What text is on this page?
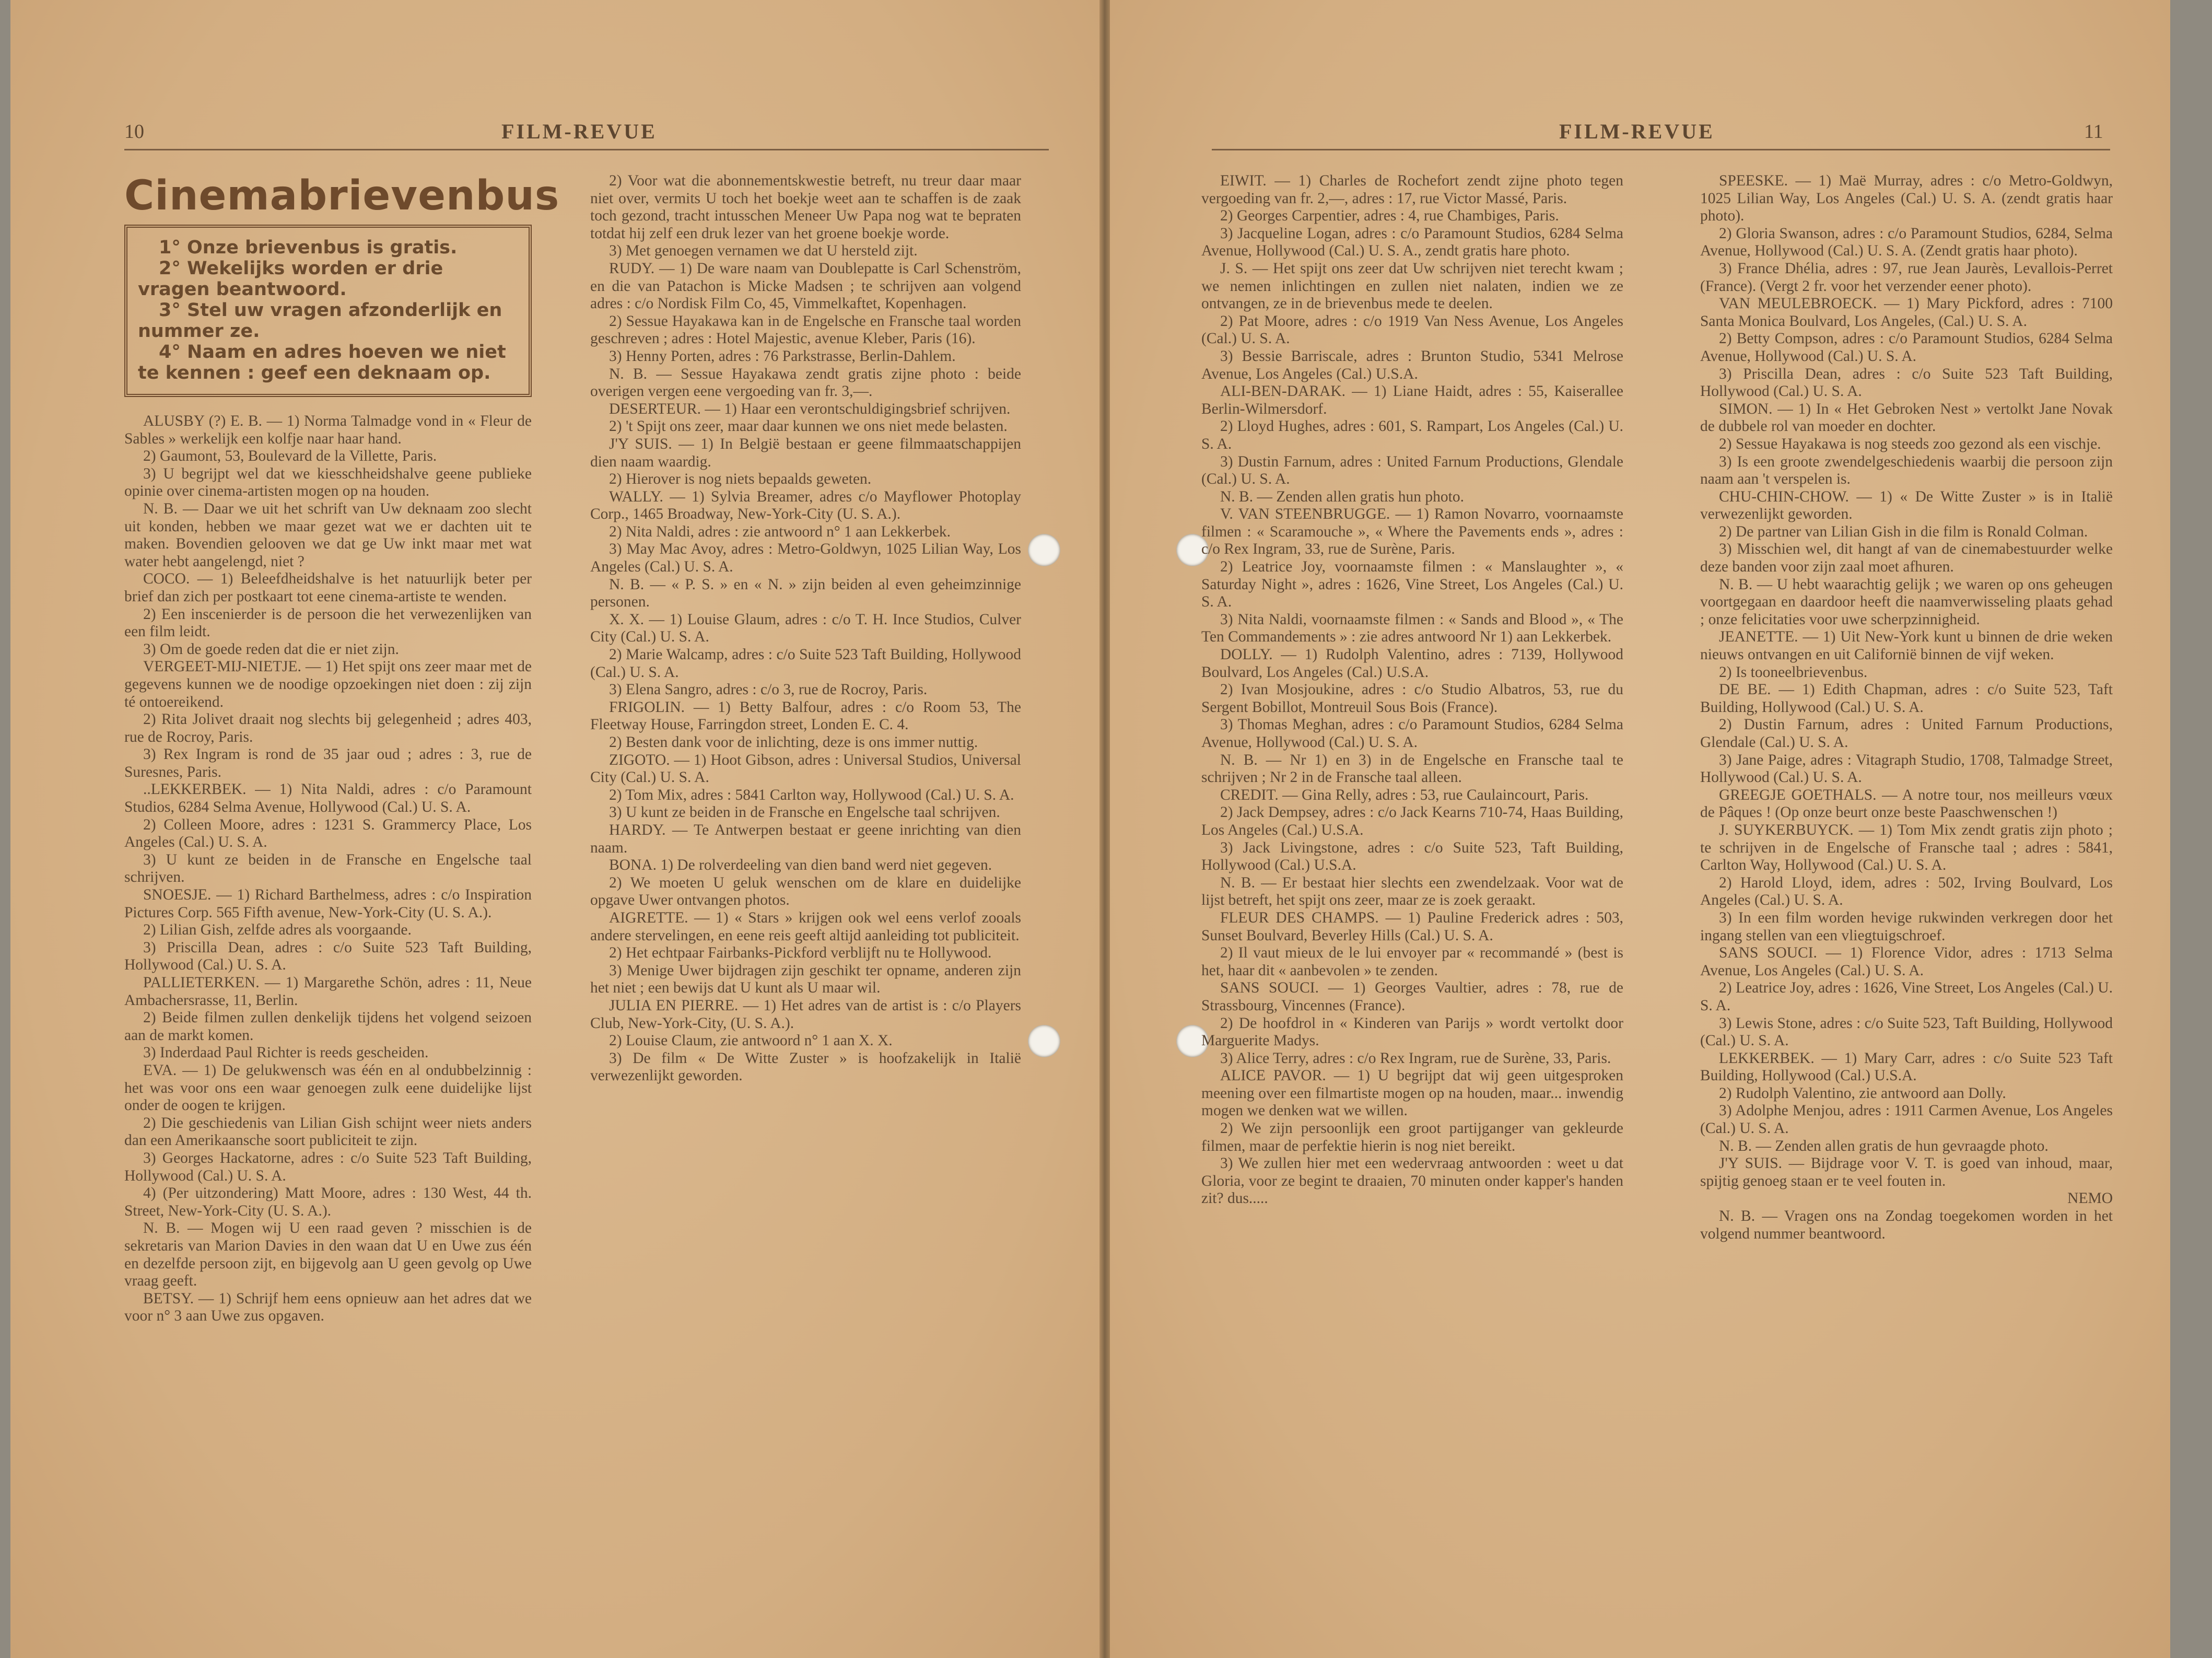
10	FILM-REVUE	11
FILM-REVUE
Cinemabrievenbus

1° Onze brievenbus is gratis.

2° Wekelijks worden er drie vragen beantwoord.

3° Stel uw vragen afzonderlijk en nummer ze.

4° Naam en adres hoeven we niet te kennen : geef een deknaam op.

ALUSBY (?) E. B. — 1) Norma Talmadge vond in « Fleur de Sables » werkelijk een kolfje naar haar hand.

2) Gaumont, 53, Boulevard de la Villette, Paris.

3) U begrijpt wel dat we kiesschheidshalve geene publieke opinie over cinema-artisten mogen op na houden.

N. B. — Daar we uit het schrift van Uw deknaam zoo slecht uit konden, hebben we maar gezet wat we er dachten uit te maken. Bovendien gelooven we dat ge Uw inkt maar met wat water hebt aangelengd, niet ?

COCO. — 1) Beleefdheidshalve is het natuurlijk beter per brief dan zich per postkaart tot eene cinema-artiste te wenden.

2) Een inscenierder is de persoon die het verwezenlijken van een film leidt.

3) Om de goede reden dat die er niet zijn.

VERGEET-MIJ-NIETJE. — 1) Het spijt ons zeer maar met de gegevens kunnen we de noodige opzoekingen niet doen : zij zijn té ontoereikend.

2) Rita Jolivet draait nog slechts bij gelegenheid ; adres 403, rue de Rocroy, Paris.

3) Rex Ingram is rond de 35 jaar oud ; adres : 3, rue de Suresnes, Paris.

..LEKKERBEK. — 1) Nita Naldi, adres : c/o Paramount Studios, 6284 Selma Avenue, Hollywood (Cal.) U. S. A.

2) Colleen Moore, adres : 1231 S. Grammercy Place, Los Angeles (Cal.) U. S. A.

3) U kunt ze beiden in de Fransche en Engelsche taal schrijven.

SNOESJE. — 1) Richard Barthelmess, adres : c/o Inspiration Pictures Corp. 565 Fifth avenue, New-York-City (U. S. A.).

2) Lilian Gish, zelfde adres als voorgaande.

3) Priscilla Dean, adres : c/o Suite 523 Taft Building, Hollywood (Cal.) U. S. A.

PALLIETERKEN. — 1) Margarethe Schön, adres : 11, Neue Ambachersrasse, 11, Berlin.

2) Beide filmen zullen denkelijk tijdens het volgend seizoen aan de markt komen.

3) Inderdaad Paul Richter is reeds gescheiden.

EVA. — 1) De gelukwensch was één en al ondubbelzinnig : het was voor ons een waar genoegen zulk eene duidelijke lijst onder de oogen te krijgen.

2) Die geschiedenis van Lilian Gish schijnt weer niets anders dan een Amerikaansche soort publiciteit te zijn.

3) Georges Hackatorne, adres : c/o Suite 523 Taft Building, Hollywood (Cal.) U. S. A.

4) (Per uitzondering) Matt Moore, adres : 130 West, 44 th. Street, New-York-City (U. S. A.).

N. B. — Mogen wij U een raad geven ? misschien is de sekretaris van Marion Davies in den waan dat U en Uwe zus één en dezelfde persoon zijt, en bijgevolg aan U geen gevolg op Uwe vraag geeft.

BETSY. — 1) Schrijf hem eens opnieuw aan het adres dat we voor n° 3 aan Uwe zus opgaven.

2) Voor wat die abonnementskwestie betreft, nu treur daar maar niet over, vermits U toch het boekje weet aan te schaffen is de zaak toch gezond, tracht intusschen Meneer Uw Papa nog wat te bepraten totdat hij zelf een druk lezer van het groene boekje worde.

3) Met genoegen vernamen we dat U hersteld zijt.

RUDY. — 1) De ware naam van Doublepatte is Carl Schenström, en die van Patachon is Micke Madsen ; te schrijven aan volgend adres : c/o Nordisk Film Co, 45, Vimmelkaftet, Kopenhagen.

2) Sessue Hayakawa kan in de Engelsche en Fransche taal worden geschreven ; adres : Hotel Majestic, avenue Kleber, Paris (16).

3) Henny Porten, adres : 76 Parkstrasse, Berlin-Dahlem.

N. B. — Sessue Hayakawa zendt gratis zijne photo : beide overigen vergen eene vergoeding van fr. 3,—.

DESERTEUR. — 1) Haar een verontschuldigingsbrief schrijven.

2) 't Spijt ons zeer, maar daar kunnen we ons niet mede belasten.

J'Y SUIS. — 1) In België bestaan er geene filmmaatschappijen dien naam waardig.

2) Hierover is nog niets bepaalds geweten.

WALLY. — 1) Sylvia Breamer, adres c/o Mayflower Photoplay Corp., 1465 Broadway, New-York-City (U. S. A.).

2) Nita Naldi, adres : zie antwoord n° 1 aan Lekkerbek.

3) May Mac Avoy, adres : Metro-Goldwyn, 1025 Lilian Way, Los Angeles (Cal.) U. S. A.

N. B. — « P. S. » en « N. » zijn beiden al even geheimzinnige personen.

X. X. — 1) Louise Glaum, adres : c/o T. H. Ince Studios, Culver City (Cal.) U. S. A.

2) Marie Walcamp, adres : c/o Suite 523 Taft Building, Hollywood (Cal.) U. S. A.

3) Elena Sangro, adres : c/o 3, rue de Rocroy, Paris.

FRIGOLIN. — 1) Betty Balfour, adres : c/o Room 53, The Fleetway House, Farringdon street, Londen E. C. 4.

2) Besten dank voor de inlichting, deze is ons immer nuttig.

ZIGOTO. — 1) Hoot Gibson, adres : Universal Studios, Universal City (Cal.) U. S. A.

2) Tom Mix, adres : 5841 Carlton way, Hollywood (Cal.) U. S. A.

3) U kunt ze beiden in de Fransche en Engelsche taal schrijven.

HARDY. — Te Antwerpen bestaat er geene inrichting van dien naam.

BONA. 1) De rolverdeeling van dien band werd niet gegeven.

2) We moeten U geluk wenschen om de klare en duidelijke opgave Uwer ontvangen photos.

AIGRETTE. — 1) « Stars » krijgen ook wel eens verlof zooals andere stervelingen, en eene reis geeft altijd aanleiding tot publiciteit.

2) Het echtpaar Fairbanks-Pickford verblijft nu te Hollywood.

3) Menige Uwer bijdragen zijn geschikt ter opname, anderen zijn het niet ; een bewijs dat U kunt als U maar wil.

JULIA EN PIERRE. — 1) Het adres van de artist is : c/o Players Club, New-York-City, (U. S. A.).

2) Louise Claum, zie antwoord n° 1 aan X. X.

3) De film « De Witte Zuster » is hoofzakelijk in Italië verwezenlijkt geworden.

EIWIT. — 1) Charles de Rochefort zendt zijne photo tegen vergoeding van fr. 2,—, adres : 17, rue Victor Massé, Paris.

2) Georges Carpentier, adres : 4, rue Chambiges, Paris.

3) Jacqueline Logan, adres : c/o Paramount Studios, 6284 Selma Avenue, Hollywood (Cal.) U. S. A., zendt gratis hare photo.

J. S. — Het spijt ons zeer dat Uw schrijven niet terecht kwam ; we nemen inlichtingen en zullen niet nalaten, indien we ze ontvangen, ze in de brievenbus mede te deelen.

2) Pat Moore, adres : c/o 1919 Van Ness Avenue, Los Angeles (Cal.) U. S. A.

3) Bessie Barriscale, adres : Brunton Studio, 5341 Melrose Avenue, Los Angeles (Cal.) U.S.A.

ALI-BEN-DARAK. — 1) Liane Haidt, adres : 55, Kaiserallee Berlin-Wilmersdorf.

2) Lloyd Hughes, adres : 601, S. Rampart, Los Angeles (Cal.) U. S. A.

3) Dustin Farnum, adres : United Farnum Productions, Glendale (Cal.) U. S. A.

N. B. — Zenden allen gratis hun photo.

V. VAN STEENBRUGGE. — 1) Ramon Novarro, voornaamste filmen : « Scaramouche », « Where the Pavements ends », adres : c/o Rex Ingram, 33, rue de Surène, Paris.

2) Leatrice Joy, voornaamste filmen : « Manslaughter », « Saturday Night », adres : 1626, Vine Street, Los Angeles (Cal.) U. S. A.

3) Nita Naldi, voornaamste filmen : « Sands and Blood », « The Ten Commandements » : zie adres antwoord Nr 1) aan Lekkerbek.

DOLLY. — 1) Rudolph Valentino, adres : 7139, Hollywood Boulvard, Los Angeles (Cal.) U.S.A.

2) Ivan Mosjoukine, adres : c/o Studio Albatros, 53, rue du Sergent Bobillot, Montreuil Sous Bois (France).

3) Thomas Meghan, adres : c/o Paramount Studios, 6284 Selma Avenue, Hollywood (Cal.) U. S. A.

N. B. — Nr 1) en 3) in de Engelsche en Fransche taal te schrijven ; Nr 2 in de Fransche taal alleen.

CREDIT. — Gina Relly, adres : 53, rue Caulaincourt, Paris.

2) Jack Dempsey, adres : c/o Jack Kearns 710-74, Haas Building, Los Angeles (Cal.) U.S.A.

3) Jack Livingstone, adres : c/o Suite 523, Taft Building, Hollywood (Cal.) U.S.A.

N. B. — Er bestaat hier slechts een zwendelzaak. Voor wat de lijst betreft, het spijt ons zeer, maar ze is zoek geraakt.

FLEUR DES CHAMPS. — 1) Pauline Frederick adres : 503, Sunset Boulvard, Beverley Hills (Cal.) U. S. A.

2) Il vaut mieux de le lui envoyer par « recommandé » (best is het, haar dit « aanbevolen » te zenden.

SANS SOUCI. — 1) Georges Vaultier, adres : 78, rue de Strassbourg, Vincennes (France).

2) De hoofdrol in « Kinderen van Parijs » wordt vertolkt door Marguerite Madys.

3) Alice Terry, adres : c/o Rex Ingram, rue de Surène, 33, Paris.

ALICE PAVOR. — 1) U begrijpt dat wij geen uitgesproken meening over een filmartiste mogen op na houden, maar... inwendig mogen we denken wat we willen.

2) We zijn persoonlijk een groot partijganger van gekleurde filmen, maar de perfektie hierin is nog niet bereikt.

3) We zullen hier met een wedervraag antwoorden : weet u dat Gloria, voor ze begint te draaien, 70 minuten onder kapper's handen zit? dus.....

SPEESKE. — 1) Maë Murray, adres : c/o Metro-Goldwyn, 1025 Lilian Way, Los Angeles (Cal.) U. S. A. (zendt gratis haar photo).

2) Gloria Swanson, adres : c/o Paramount Studios, 6284, Selma Avenue, Hollywood (Cal.) U. S. A. (Zendt gratis haar photo).

3) France Dhélia, adres : 97, rue Jean Jaurès, Levallois-Perret (France). (Vergt 2 fr. voor het verzender eener photo).

VAN MEULEBROECK. — 1) Mary Pickford, adres : 7100 Santa Monica Boulvard, Los Angeles, (Cal.) U. S. A.

2) Betty Compson, adres : c/o Paramount Studios, 6284 Selma Avenue, Hollywood (Cal.) U. S. A.

3) Priscilla Dean, adres : c/o Suite 523 Taft Building, Hollywood (Cal.) U. S. A.

SIMON. — 1) In « Het Gebroken Nest » vertolkt Jane Novak de dubbele rol van moeder en dochter.

2) Sessue Hayakawa is nog steeds zoo gezond als een vischje.

3) Is een groote zwendelgeschiedenis waarbij die persoon zijn naam aan 't verspelen is.

CHU-CHIN-CHOW. — 1) « De Witte Zuster » is in Italië verwezenlijkt geworden.

2) De partner van Lilian Gish in die film is Ronald Colman.

3) Misschien wel, dit hangt af van de cinemabestuurder welke deze banden voor zijn zaal moet afhuren.

N. B. — U hebt waarachtig gelijk ; we waren op ons geheugen voortgegaan en daardoor heeft die naamverwisseling plaats gehad ; onze felicitaties voor uwe scherpzinnigheid.

JEANETTE. — 1) Uit New-York kunt u binnen de drie weken nieuws ontvangen en uit Californië binnen de vijf weken.

2) Is tooneelbrievenbus.

DE BE. — 1) Edith Chapman, adres : c/o Suite 523, Taft Building, Hollywood (Cal.) U. S. A.

2) Dustin Farnum, adres : United Farnum Productions, Glendale (Cal.) U. S. A.

3) Jane Paige, adres : Vitagraph Studio, 1708, Talmadge Street, Hollywood (Cal.) U. S. A.

GREEGJE GOETHALS. — A notre tour, nos meilleurs vœux de Pâques ! (Op onze beurt onze beste Paaschwenschen !)

J. SUYKERBUYCK. — 1) Tom Mix zendt gratis zijn photo ; te schrijven in de Engelsche of Fransche taal ; adres : 5841, Carlton Way, Hollywood (Cal.) U. S. A.

2) Harold Lloyd, idem, adres : 502, Irving Boulvard, Los Angeles (Cal.) U. S. A.

3) In een film worden hevige rukwinden verkregen door het ingang stellen van een vliegtuigschroef.

SANS SOUCI. — 1) Florence Vidor, adres : 1713 Selma Avenue, Los Angeles (Cal.) U. S. A.

2) Leatrice Joy, adres : 1626, Vine Street, Los Angeles (Cal.) U. S. A.

3) Lewis Stone, adres : c/o Suite 523, Taft Building, Hollywood (Cal.) U. S. A.

LEKKERBEK. — 1) Mary Carr, adres : c/o Suite 523 Taft Building, Hollywood (Cal.) U.S.A.

2) Rudolph Valentino, zie antwoord aan Dolly.

3) Adolphe Menjou, adres : 1911 Carmen Avenue, Los Angeles (Cal.) U. S. A.

N. B. — Zenden allen gratis de hun gevraagde photo.

J'Y SUIS. — Bijdrage voor V. T. is goed van inhoud, maar, spijtig genoeg staan er te veel fouten in.

NEMO

N. B. — Vragen ons na Zondag toegekomen worden in het volgend nummer beantwoord.
